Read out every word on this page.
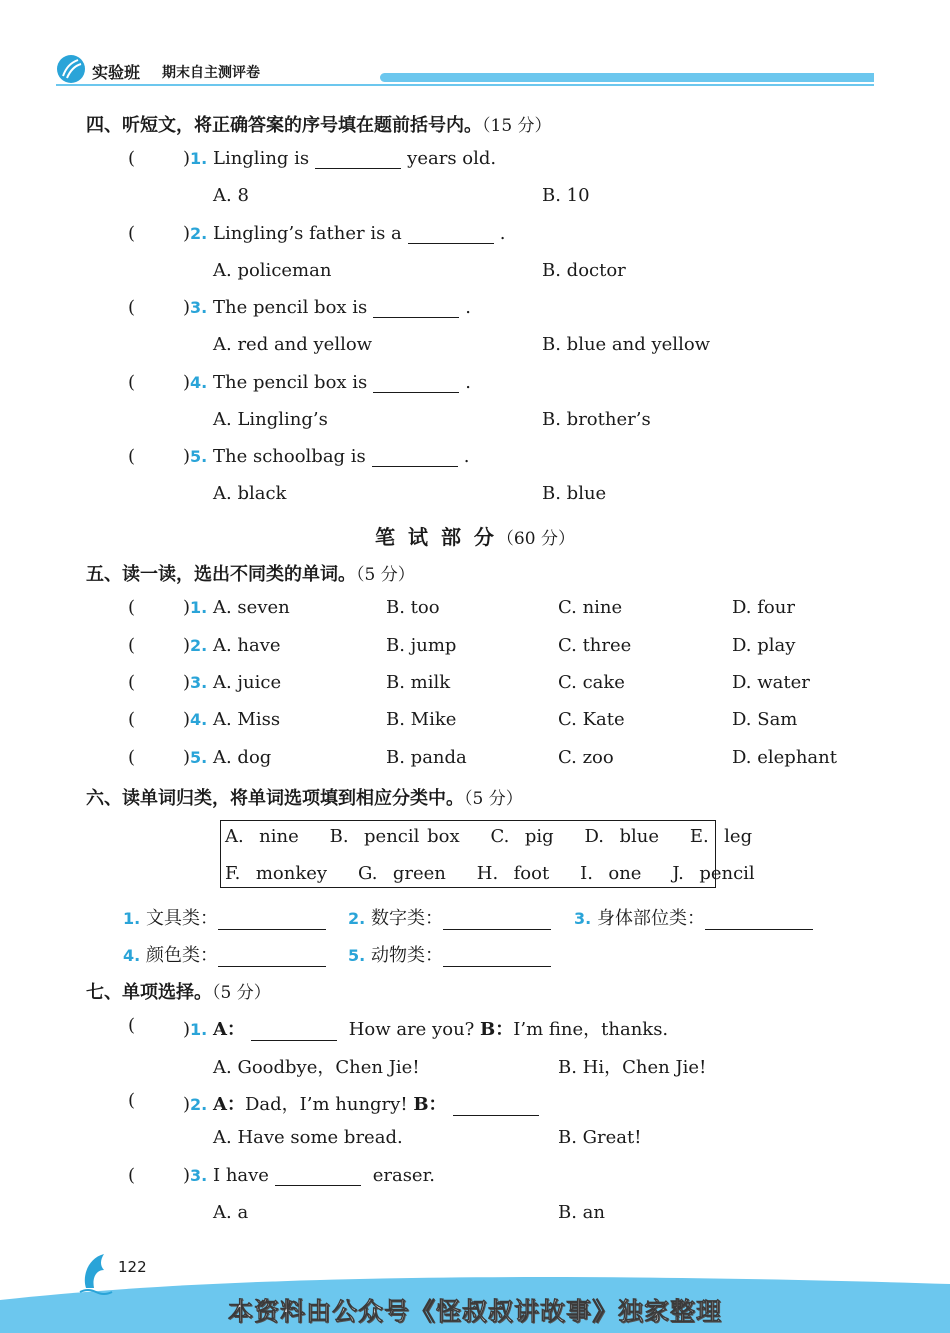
实验班 期末自主测评卷
四、听短文，将正确答案的序号填在题前括号内。（15 分）
(	)1. Lingling is	years old.
A. 8	B. 10
(	)2. Lingling’s father is a	.
A. policeman	B. doctor
(	)3. The pencil box is	.
A. red and yellow	B. blue and yellow
(	)4. The pencil box is	.
A. Lingling’s	B. brother’s
(	)5. The schoolbag is	.
A. black	B. blue
笔 试 部 分（60 分）
五、读一读，选出不同类的单词。（5 分）
(	)1. A. seven	B. too	C. nine	D. four
(	)2. A. have	B. jump	C. three	D. play
(	)3. A. juice	B. milk	C. cake	D. water
(	)4. A. Miss	B. Mike	C. Kate	D. Sam
(	)5. A. dog	B. panda	C. zoo	D. elephant
六、读单词归类，将单词选项填到相应分类中。（5 分）
A.  nine    B.  pencil box    C.  pig    D.  blue    E.  leg
F.  monkey    G.  green    H.  foot    I.  one    J.  pencil
1. 文具类：	2. 数字类：	3. 身体部位类：
4. 颜色类：	5. 动物类：
七、单项选择。（5 分）
(	)1. A：	How are you? B：I’m fine，thanks.
A. Goodbye，Chen Jie!	B. Hi，Chen Jie!
(	)2. A：Dad，I’m hungry! B：
A. Have some bread.	B. Great!
(	)3. I have	eraser.
A. a	B. an
122
本资料由公众号《怪叔叔讲故事》独家整理
